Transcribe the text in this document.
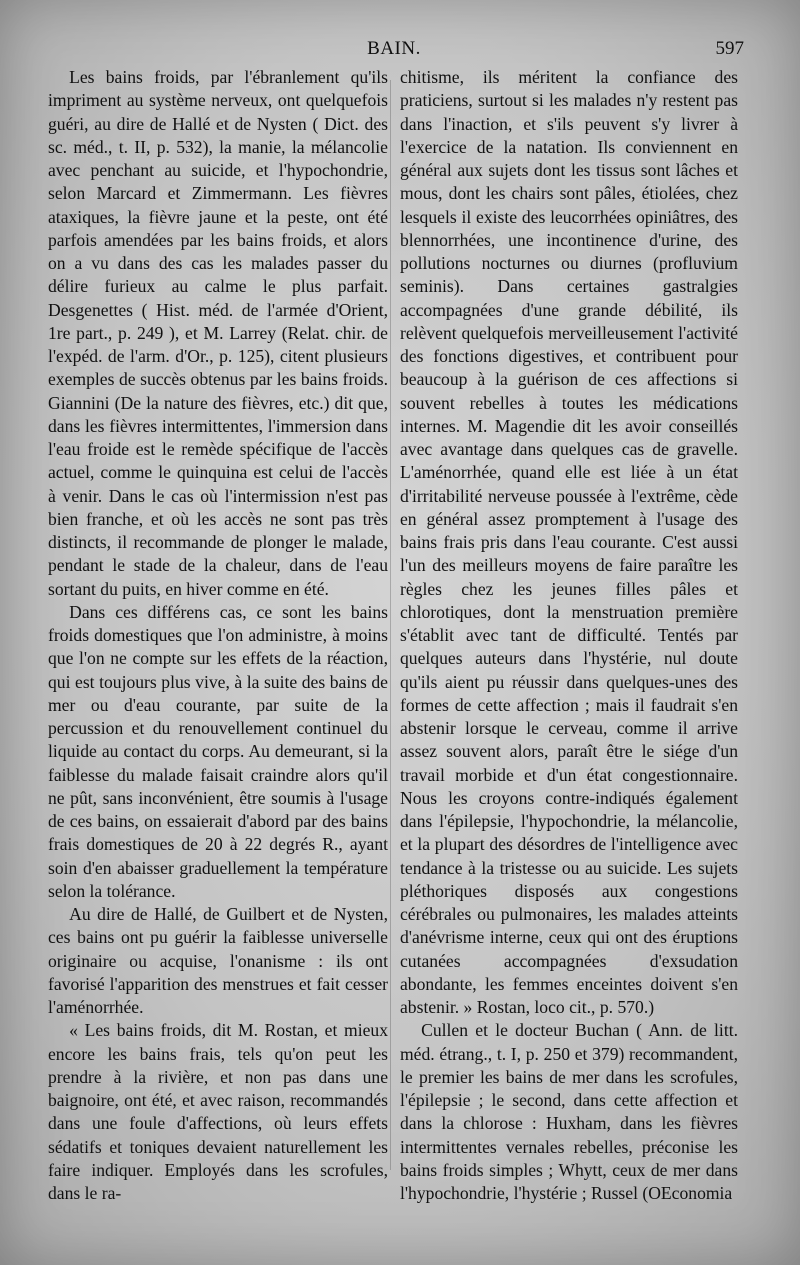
BAIN.	597

Les bains froids, par l'ébranlement qu'ils impriment au système nerveux, ont quelquefois guéri, au dire de Hallé et de Nysten ( Dict. des sc. méd., t. II, p. 532), la manie, la mélancolie avec penchant au suicide, et l'hypochondrie, selon Marcard et Zimmermann. Les fièvres ataxiques, la fièvre jaune et la peste, ont été parfois amendées par les bains froids, et alors on a vu dans des cas les malades passer du délire furieux au calme le plus parfait. Desgenettes ( Hist. méd. de l'armée d'Orient, 1re part., p. 249 ), et M. Larrey (Relat. chir. de l'expéd. de l'arm. d'Or., p. 125), citent plusieurs exemples de succès obtenus par les bains froids. Giannini (De la nature des fièvres, etc.) dit que, dans les fièvres intermittentes, l'immersion dans l'eau froide est le remède spécifique de l'accès actuel, comme le quinquina est celui de l'accès à venir. Dans le cas où l'intermission n'est pas bien franche, et où les accès ne sont pas très distincts, il recommande de plonger le malade, pendant le stade de la chaleur, dans de l'eau sortant du puits, en hiver comme en été.

Dans ces différens cas, ce sont les bains froids domestiques que l'on administre, à moins que l'on ne compte sur les effets de la réaction, qui est toujours plus vive, à la suite des bains de mer ou d'eau courante, par suite de la percussion et du renouvellement continuel du liquide au contact du corps. Au demeurant, si la faiblesse du malade faisait craindre alors qu'il ne pût, sans inconvénient, être soumis à l'usage de ces bains, on essaierait d'abord par des bains frais domestiques de 20 à 22 degrés R., ayant soin d'en abaisser graduellement la température selon la tolérance.

Au dire de Hallé, de Guilbert et de Nysten, ces bains ont pu guérir la faiblesse universelle originaire ou acquise, l'onanisme : ils ont favorisé l'apparition des menstrues et fait cesser l'aménorrhée.

« Les bains froids, dit M. Rostan, et mieux encore les bains frais, tels qu'on peut les prendre à la rivière, et non pas dans une baignoire, ont été, et avec raison, recommandés dans une foule d'affections, où leurs effets sédatifs et toniques devaient naturellement les faire indiquer. Employés dans les scrofules, dans le ra-

chitisme, ils méritent la confiance des praticiens, surtout si les malades n'y restent pas dans l'inaction, et s'ils peuvent s'y livrer à l'exercice de la natation. Ils conviennent en général aux sujets dont les tissus sont lâches et mous, dont les chairs sont pâles, étiolées, chez lesquels il existe des leucorrhées opiniâtres, des blennorrhées, une incontinence d'urine, des pollutions nocturnes ou diurnes (profluvium seminis). Dans certaines gastralgies accompagnées d'une grande débilité, ils relèvent quelquefois merveilleusement l'activité des fonctions digestives, et contribuent pour beaucoup à la guérison de ces affections si souvent rebelles à toutes les médications internes. M. Magendie dit les avoir conseillés avec avantage dans quelques cas de gravelle. L'aménorrhée, quand elle est liée à un état d'irritabilité nerveuse poussée à l'extrême, cède en général assez promptement à l'usage des bains frais pris dans l'eau courante. C'est aussi l'un des meilleurs moyens de faire paraître les règles chez les jeunes filles pâles et chlorotiques, dont la menstruation première s'établit avec tant de difficulté. Tentés par quelques auteurs dans l'hystérie, nul doute qu'ils aient pu réussir dans quelques-unes des formes de cette affection ; mais il faudrait s'en abstenir lorsque le cerveau, comme il arrive assez souvent alors, paraît être le siége d'un travail morbide et d'un état congestionnaire. Nous les croyons contre-indiqués également dans l'épilepsie, l'hypochondrie, la mélancolie, et la plupart des désordres de l'intelligence avec tendance à la tristesse ou au suicide. Les sujets pléthoriques disposés aux congestions cérébrales ou pulmonaires, les malades atteints d'anévrisme interne, ceux qui ont des éruptions cutanées accompagnées d'exsudation abondante, les femmes enceintes doivent s'en abstenir. » Rostan, loco cit., p. 570.)

Cullen et le docteur Buchan ( Ann. de litt. méd. étrang., t. I, p. 250 et 379) recommandent, le premier les bains de mer dans les scrofules, l'épilepsie ; le second, dans cette affection et dans la chlorose : Huxham, dans les fièvres intermittentes vernales rebelles, préconise les bains froids simples ; Whytt, ceux de mer dans l'hypochondrie, l'hystérie ; Russel (OEconomia
